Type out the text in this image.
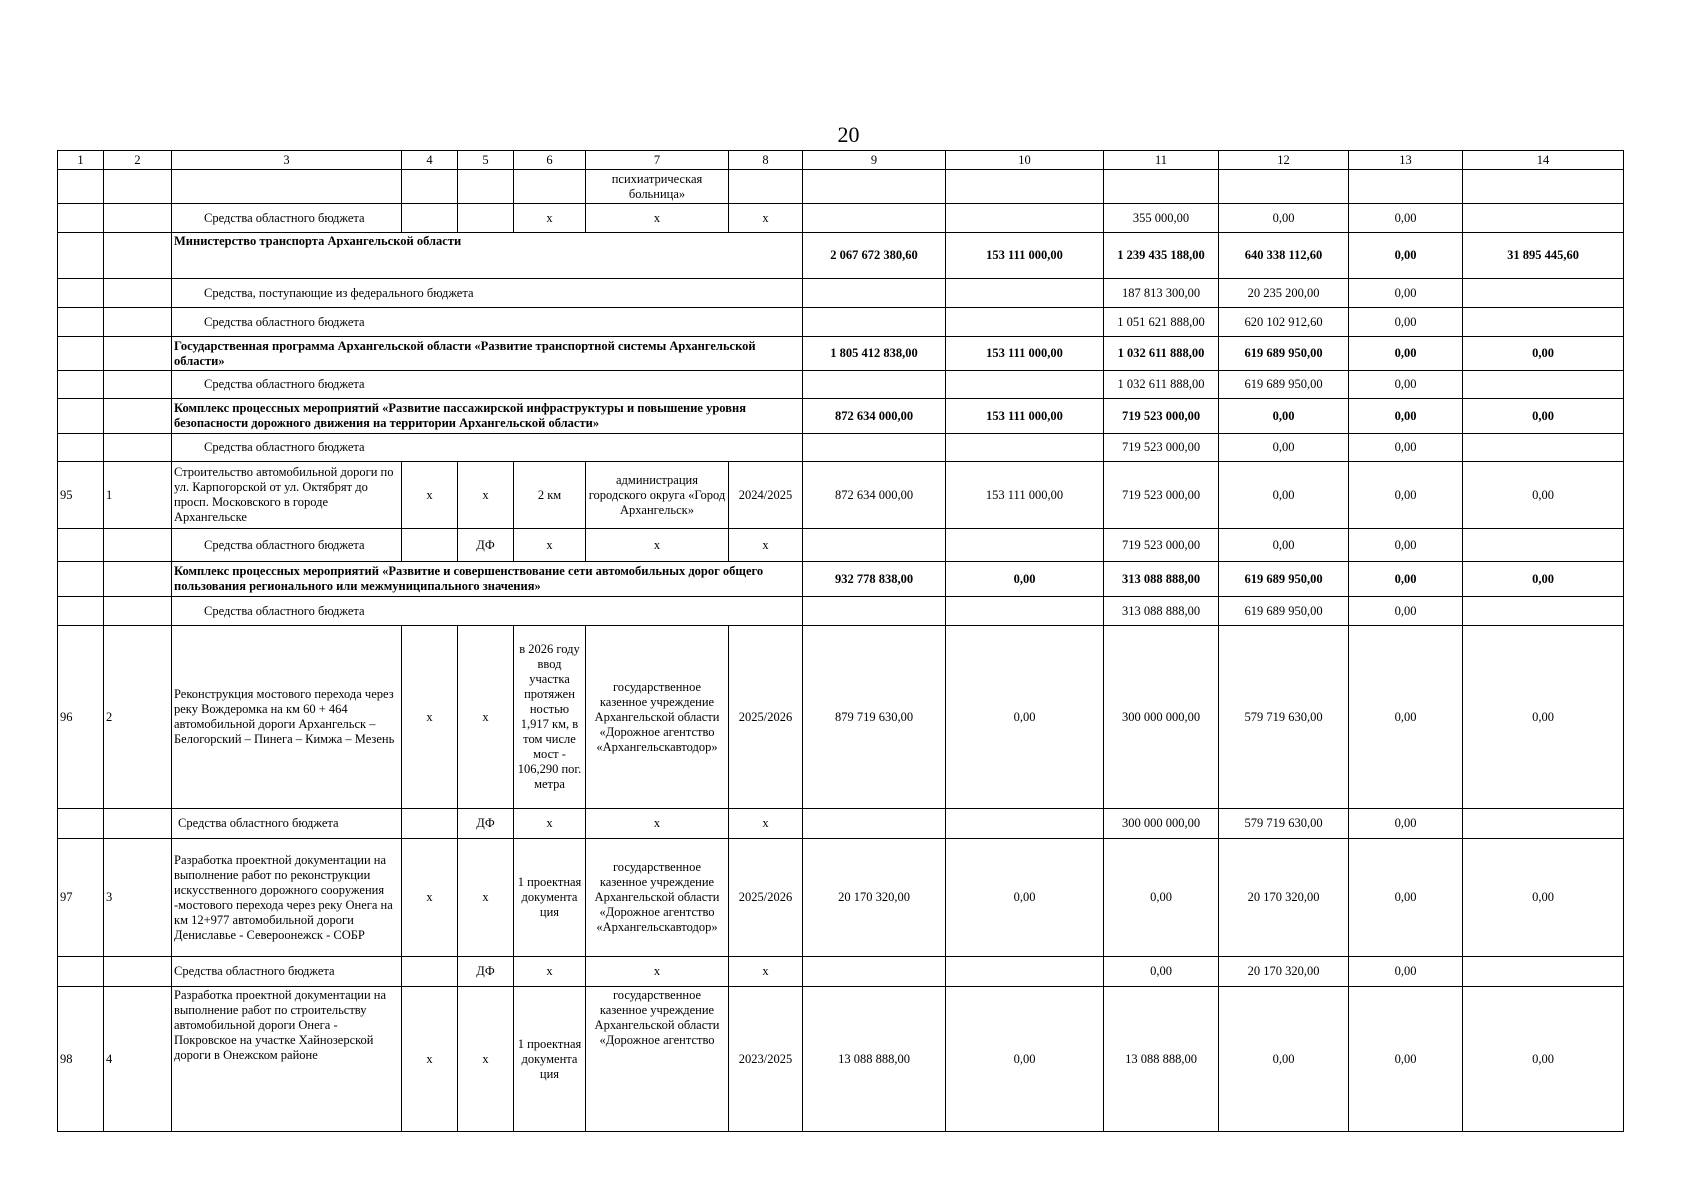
20
1	2	3	4	5	6	7	8	9	10	11	12	13	14
						психиатрическая больница»							
		Средства областного бюджета			x	x	x			355 000,00	0,00	0,00	
		Министерство транспорта Архангельской области						2 067 672 380,60	153 111 000,00	1 239 435 188,00	640 338 112,60	0,00	31 895 445,60
		Средства, поступающие из федерального бюджета								187 813 300,00	20 235 200,00	0,00	
		Средства областного бюджета								1 051 621 888,00	620 102 912,60	0,00	
		Государственная программа Архангельской области «Развитие транспортной системы Архангельской области»						1 805 412 838,00	153 111 000,00	1 032 611 888,00	619 689 950,00	0,00	0,00
		Средства областного бюджета								1 032 611 888,00	619 689 950,00	0,00	
		Комплекс процессных мероприятий «Развитие пассажирской инфраструктуры и повышение уровня безопасности дорожного движения на территории Архангельской области»						872 634 000,00	153 111 000,00	719 523 000,00	0,00	0,00	0,00
		Средства областного бюджета								719 523 000,00	0,00	0,00	
95	1	Строительство автомобильной дороги по ул. Карпогорской от ул. Октябрят до просп. Московского в городе Архангельске	x	x	2 км	администрация городского округа «Город Архангельск»	2024/2025	872 634 000,00	153 111 000,00	719 523 000,00	0,00	0,00	0,00
		Средства областного бюджета		ДФ	x	x	x			719 523 000,00	0,00	0,00	
		Комплекс процессных мероприятий «Развитие и совершенствование сети автомобильных дорог общего пользования регионального или межмуниципального значения»						932 778 838,00	0,00	313 088 888,00	619 689 950,00	0,00	0,00
		Средства областного бюджета								313 088 888,00	619 689 950,00	0,00	
96	2	Реконструкция мостового перехода через реку Вождеромка на км 60 + 464 автомобильной дороги Архангельск – Белогорский – Пинега – Кимжа – Мезень	x	x	в 2026 году ввод участка протяжен ностью 1,917 км, в том числе мост - 106,290 пог. метра	государственное казенное учреждение Архангельской области «Дорожное агентство «Архангельскавтодор»	2025/2026	879 719 630,00	0,00	300 000 000,00	579 719 630,00	0,00	0,00
		Средства областного бюджета		ДФ	x	x	x			300 000 000,00	579 719 630,00	0,00	
97	3	Разработка проектной документации на выполнение работ по реконструкции искусственного дорожного сооружения -мостового перехода через реку Онега на км 12+977 автомобильной дороги Дениславье - Североонежск - СОБР	x	x	1 проектная документа ция	государственное казенное учреждение Архангельской области «Дорожное агентство «Архангельскавтодор»	2025/2026	20 170 320,00	0,00	0,00	20 170 320,00	0,00	0,00
		Средства областного бюджета		ДФ	x	x	x			0,00	20 170 320,00	0,00	
98	4	Разработка проектной документации на выполнение работ по строительству автомобильной дороги Онега - Покровское на участке Хайнозерской дороги в Онежском районе	x	x	1 проектная документа ция	государственное казенное учреждение Архангельской области «Дорожное агентство	2023/2025	13 088 888,00	0,00	13 088 888,00	0,00	0,00	0,00
